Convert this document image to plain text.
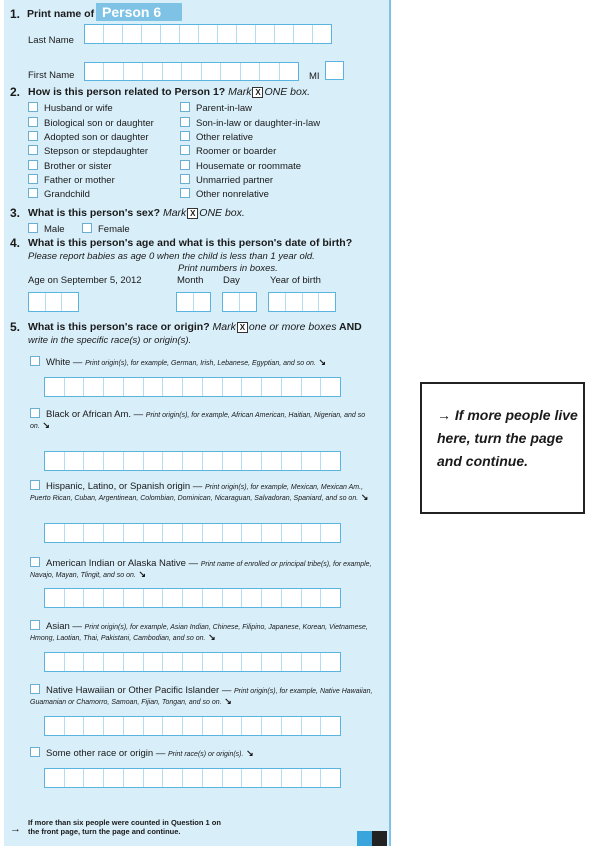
1. Print name of Person 6
Last Name
First Name	MI
2. How is this person related to Person 1? Mark X ONE box.
Husband or wife
Biological son or daughter
Adopted son or daughter
Stepson or stepdaughter
Brother or sister
Father or mother
Grandchild
Parent-in-law
Son-in-law or daughter-in-law
Other relative
Roomer or boarder
Housemate or roommate
Unmarried partner
Other nonrelative
3. What is this person's sex? Mark X ONE box.
Male	Female
4. What is this person's age and what is this person's date of birth?
Please report babies as age 0 when the child is less than 1 year old.
Print numbers in boxes.
Age on September 5, 2012	Month Day	Year of birth
5. What is this person's race or origin? Mark X one or more boxes AND
write in the specific race(s) or origin(s).
White — Print origin(s), for example, German, Irish, Lebanese, Egyptian, and so on. ↘
Black or African Am. — Print origin(s), for example, African American, Haitian, Nigerian, and so on. ↘
Hispanic, Latino, or Spanish origin — Print origin(s), for example, Mexican, Mexican Am., Puerto Rican, Cuban, Argentinean, Colombian, Dominican, Nicaraguan, Salvadoran, Spaniard, and so on. ↘
American Indian or Alaska Native — Print name of enrolled or principal tribe(s), for example, Navajo, Mayan, Tlingit, and so on. ↘
Asian — Print origin(s), for example, Asian Indian, Chinese, Filipino, Japanese, Korean, Vietnamese, Hmong, Laotian, Thai, Pakistani, Cambodian, and so on. ↘
Native Hawaiian or Other Pacific Islander — Print origin(s), for example, Native Hawaiian, Guamanian or Chamorro, Samoan, Fijian, Tongan, and so on. ↘
Some other race or origin — Print race(s) or origin(s). ↘
→
If more than six people were counted in Question 1 on
the front page, turn the page and continue.
→ If more people live here, turn the page and continue.
